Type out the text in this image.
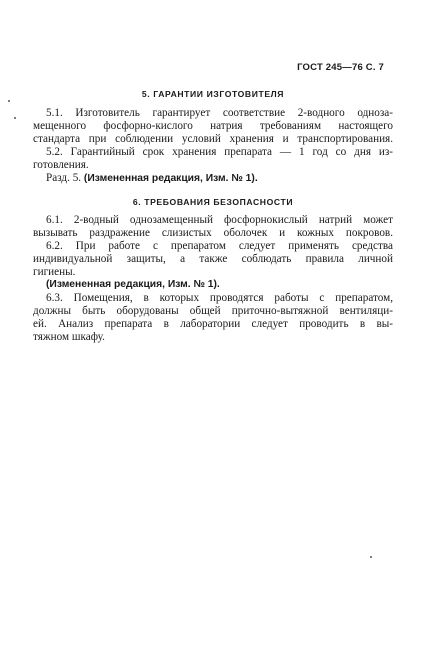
ГОСТ 245—76 С. 7
5. ГАРАНТИИ ИЗГОТОВИТЕЛЯ
5.1. Изготовитель гарантирует соответствие 2-водного одноза-
мещенного фосфорно-кислого натрия требованиям настоящего
стандарта при соблюдении условий хранения и транспортирования.
5.2. Гарантийный срок хранения препарата — 1 год со дня из-
готовления.
Разд. 5. (Измененная редакция, Изм. № 1).
6. ТРЕБОВАНИЯ БЕЗОПАСНОСТИ
6.1. 2-водный однозамещенный фосфорнокислый натрий может
вызывать раздражение слизистых оболочек и кожных покровов.
6.2. При работе с препаратом следует применять средства
индивидуальной защиты, а также соблюдать правила личной
гигиены.
(Измененная редакция, Изм. № 1).
6.3. Помещения, в которых проводятся работы с препаратом,
должны быть оборудованы общей приточно-вытяжной вентиляци-
ей. Анализ препарата в лаборатории следует проводить в вы-
тяжном шкафу.
